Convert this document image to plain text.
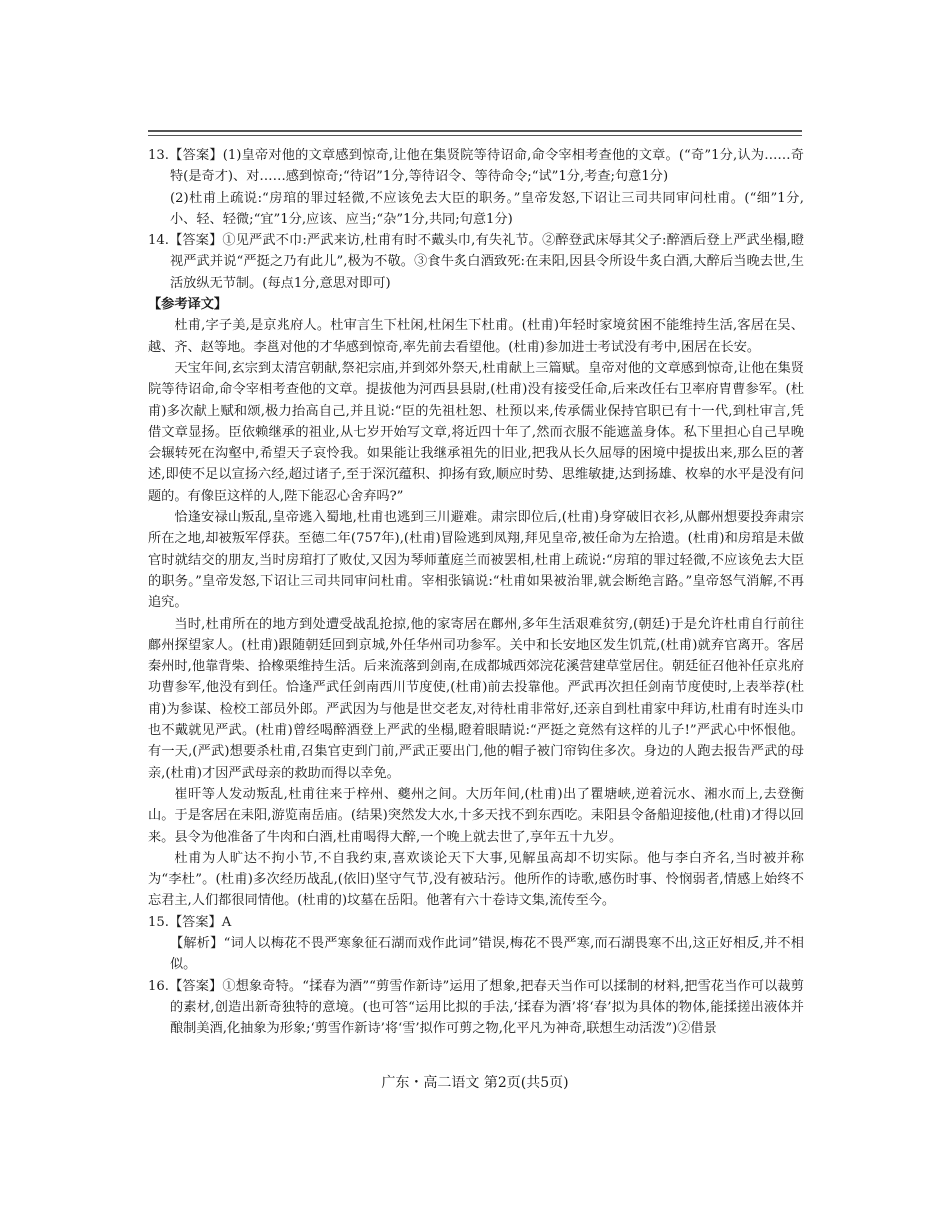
13.【答案】(1)皇帝对他的文章感到惊奇,让他在集贤院等待诏命,命令宰相考查他的文章。(“奇”1分,认为……奇特(是奇才)、对……感到惊奇;“待诏”1分,等待诏令、等待命令;“试”1分,考查;句意1分)

(2)杜甫上疏说:“房琯的罪过轻微,不应该免去大臣的职务。”皇帝发怒,下诏让三司共同审问杜甫。(“细”1分,小、轻、轻微;“宜”1分,应该、应当;“杂”1分,共同;句意1分)

14.【答案】①见严武不巾:严武来访,杜甫有时不戴头巾,有失礼节。②醉登武床辱其父子:醉酒后登上严武坐榻,瞪视严武并说“严挺之乃有此儿”,极为不敬。③食牛炙白酒致死:在耒阳,因县令所设牛炙白酒,大醉后当晚去世,生活放纵无节制。(每点1分,意思对即可)

【参考译文】

杜甫,字子美,是京兆府人。杜审言生下杜闲,杜闲生下杜甫。(杜甫)年轻时家境贫困不能维持生活,客居在吴、越、齐、赵等地。李邕对他的才华感到惊奇,率先前去看望他。(杜甫)参加进士考试没有考中,困居在长安。

天宝年间,玄宗到太清宫朝献,祭祀宗庙,并到郊外祭天,杜甫献上三篇赋。皇帝对他的文章感到惊奇,让他在集贤院等待诏命,命令宰相考查他的文章。提拔他为河西县县尉,(杜甫)没有接受任命,后来改任右卫率府胄曹参军。(杜甫)多次献上赋和颂,极力抬高自己,并且说:“臣的先祖杜恕、杜预以来,传承儒业保持官职已有十一代,到杜审言,凭借文章显扬。臣依赖继承的祖业,从七岁开始写文章,将近四十年了,然而衣服不能遮盖身体。私下里担心自己早晚会辗转死在沟壑中,希望天子哀怜我。如果能让我继承祖先的旧业,把我从长久屈辱的困境中提拔出来,那么臣的著述,即使不足以宣扬六经,超过诸子,至于深沉蕴积、抑扬有致,顺应时势、思维敏捷,达到扬雄、枚皋的水平是没有问题的。有像臣这样的人,陛下能忍心舍弃吗?”

恰逢安禄山叛乱,皇帝逃入蜀地,杜甫也逃到三川避难。肃宗即位后,(杜甫)身穿破旧衣衫,从鄜州想要投奔肃宗所在之地,却被叛军俘获。至德二年(757年),(杜甫)冒险逃到凤翔,拜见皇帝,被任命为左拾遗。(杜甫)和房琯是未做官时就结交的朋友,当时房琯打了败仗,又因为琴师董庭兰而被罢相,杜甫上疏说:“房琯的罪过轻微,不应该免去大臣的职务。”皇帝发怒,下诏让三司共同审问杜甫。宰相张镐说:“杜甫如果被治罪,就会断绝言路。”皇帝怒气消解,不再追究。

当时,杜甫所在的地方到处遭受战乱抢掠,他的家寄居在鄜州,多年生活艰难贫穷,(朝廷)于是允许杜甫自行前往鄜州探望家人。(杜甫)跟随朝廷回到京城,外任华州司功参军。关中和长安地区发生饥荒,(杜甫)就弃官离开。客居秦州时,他靠背柴、拾橡栗维持生活。后来流落到剑南,在成都城西郊浣花溪营建草堂居住。朝廷征召他补任京兆府功曹参军,他没有到任。恰逢严武任剑南西川节度使,(杜甫)前去投靠他。严武再次担任剑南节度使时,上表举荐(杜甫)为参谋、检校工部员外郎。严武因为与他是世交老友,对待杜甫非常好,还亲自到杜甫家中拜访,杜甫有时连头巾也不戴就见严武。(杜甫)曾经喝醉酒登上严武的坐榻,瞪着眼睛说:“严挺之竟然有这样的儿子!”严武心中怀恨他。有一天,(严武)想要杀杜甫,召集官吏到门前,严武正要出门,他的帽子被门帘钩住多次。身边的人跑去报告严武的母亲,(杜甫)才因严武母亲的救助而得以幸免。

崔旰等人发动叛乱,杜甫往来于梓州、夔州之间。大历年间,(杜甫)出了瞿塘峡,逆着沅水、湘水而上,去登衡山。于是客居在耒阳,游览南岳庙。(结果)突然发大水,十多天找不到东西吃。耒阳县令备船迎接他,(杜甫)才得以回来。县令为他准备了牛肉和白酒,杜甫喝得大醉,一个晚上就去世了,享年五十九岁。

杜甫为人旷达不拘小节,不自我约束,喜欢谈论天下大事,见解虽高却不切实际。他与李白齐名,当时被并称为“李杜”。(杜甫)多次经历战乱,(依旧)坚守气节,没有被玷污。他所作的诗歌,感伤时事、怜悯弱者,情感上始终不忘君主,人们都很同情他。(杜甫的)坟墓在岳阳。他著有六十卷诗文集,流传至今。

15.【答案】A

【解析】“词人以梅花不畏严寒象征石湖而戏作此词”错误,梅花不畏严寒,而石湖畏寒不出,这正好相反,并不相似。

16.【答案】①想象奇特。“揉春为酒”“剪雪作新诗”运用了想象,把春天当作可以揉制的材料,把雪花当作可以裁剪的素材,创造出新奇独特的意境。(也可答“运用比拟的手法,‘揉春为酒’将‘春’拟为具体的物体,能揉搓出液体并酿制美酒,化抽象为形象;‘剪雪作新诗’将‘雪’拟作可剪之物,化平凡为神奇,联想生动活泼”)②借景

广东・高二语文 第2页(共5页)
